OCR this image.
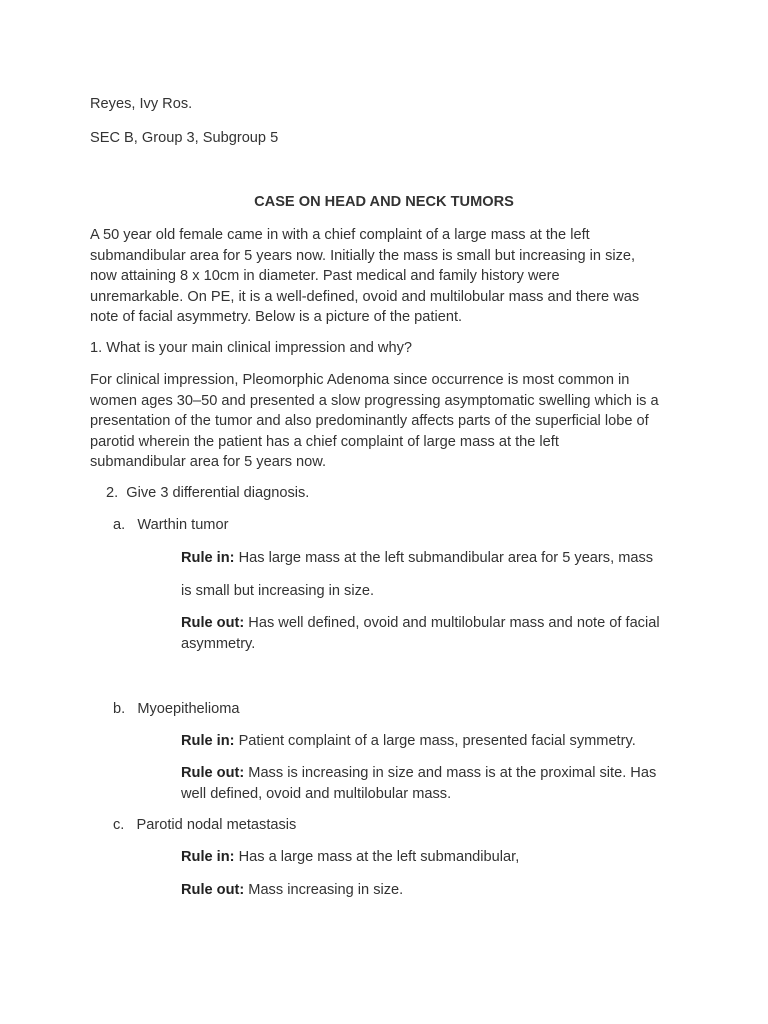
Reyes, Ivy Ros.
SEC B, Group 3, Subgroup 5
CASE ON HEAD AND NECK TUMORS
A 50 year old female came in with a chief complaint of a large mass at the left
submandibular area for 5 years now. Initially the mass is small but increasing in size,
now attaining 8 x 10cm in diameter. Past medical and family history were
unremarkable. On PE, it is a well-defined, ovoid and multilobular mass and there was
note of facial asymmetry. Below is a picture of the patient.
1. What is your main clinical impression and why?
For clinical impression, Pleomorphic Adenoma since occurrence is most common in
women ages 30–50 and presented a slow progressing asymptomatic swelling which is a
presentation of the tumor and also predominantly affects parts of the superficial lobe of
parotid wherein the patient has a chief complaint of large mass at the left
submandibular area for 5 years now.
2. Give 3 differential diagnosis.
a. Warthin tumor
Rule in: Has large mass at the left submandibular area for 5 years, mass
is small but increasing in size.
Rule out: Has well defined, ovoid and multilobular mass and note of facial
asymmetry.
b. Myoepithelioma
Rule in: Patient complaint of a large mass, presented facial symmetry.
Rule out: Mass is increasing in size and mass is at the proximal site. Has
well defined, ovoid and multilobular mass.
c. Parotid nodal metastasis
Rule in: Has a large mass at the left submandibular,
Rule out: Mass increasing in size.
